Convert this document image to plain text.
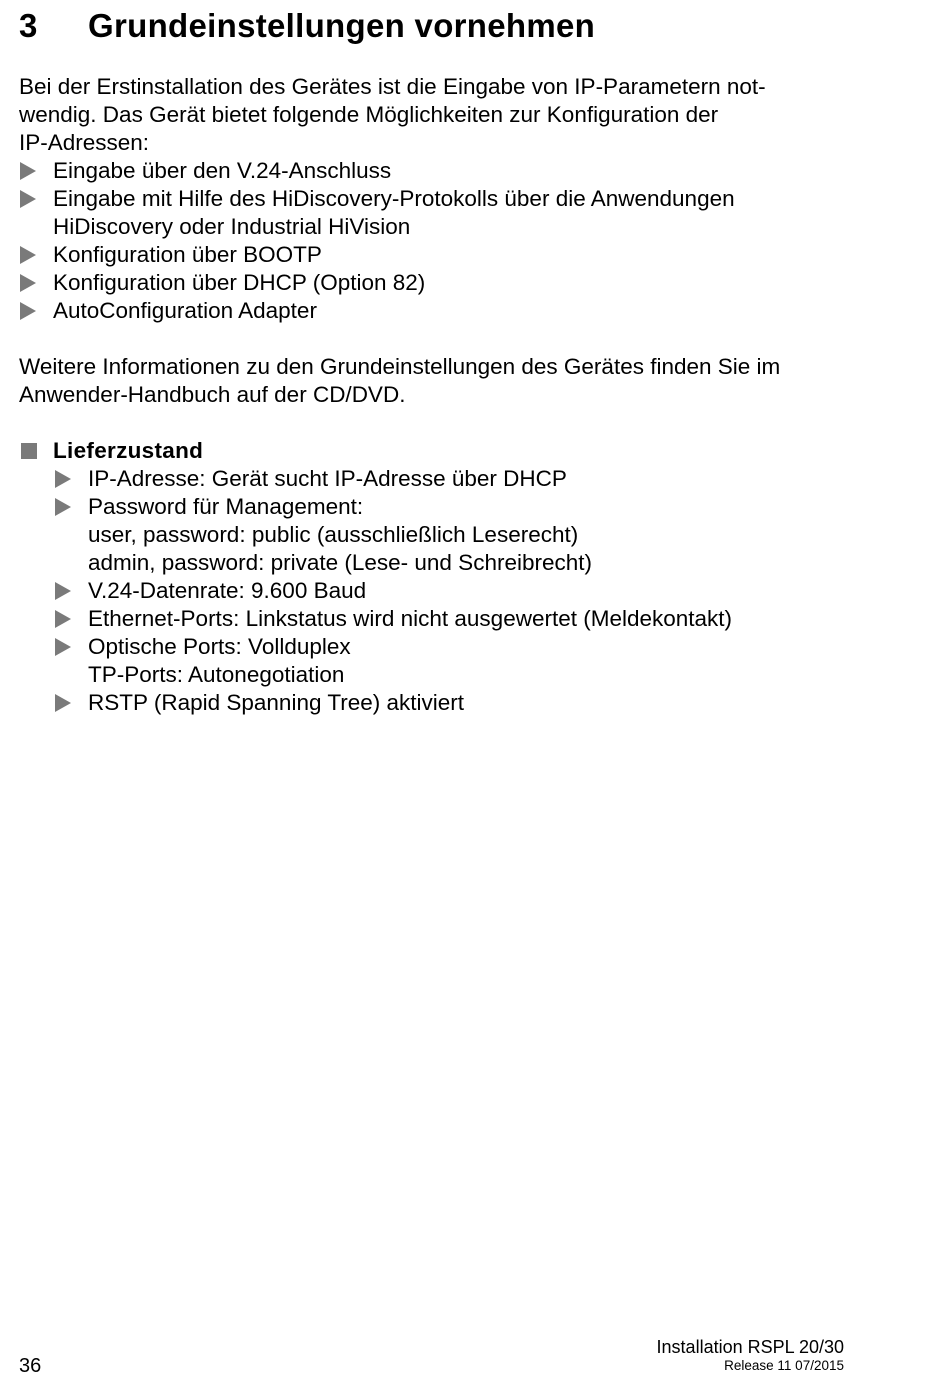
3 Grundeinstellungen vornehmen
Bei der Erstinstallation des Gerätes ist die Eingabe von IP-Parametern not-
wendig. Das Gerät bietet folgende Möglichkeiten zur Konfiguration der
IP-Adressen:
Eingabe über den V.24-Anschluss
Eingabe mit Hilfe des HiDiscovery-Protokolls über die Anwendungen
HiDiscovery oder Industrial HiVision
Konfiguration über BOOTP
Konfiguration über DHCP (Option 82)
AutoConfiguration Adapter
Weitere Informationen zu den Grundeinstellungen des Gerätes finden Sie im
Anwender-Handbuch auf der CD/DVD.
Lieferzustand
IP-Adresse: Gerät sucht IP-Adresse über DHCP
Password für Management:
user, password: public (ausschließlich Leserecht)
admin, password: private (Lese- und Schreibrecht)
V.24-Datenrate: 9.600 Baud
Ethernet-Ports: Linkstatus wird nicht ausgewertet (Meldekontakt)
Optische Ports: Vollduplex
TP-Ports: Autonegotiation
RSTP (Rapid Spanning Tree) aktiviert
36
Installation RSPL 20/30
Release 11 07/2015
